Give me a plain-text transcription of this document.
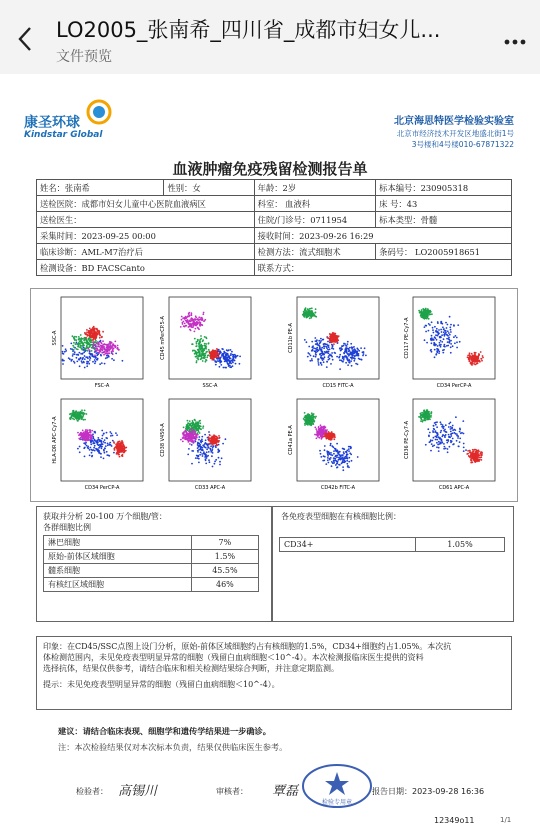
LO2005_张南希_四川省_成都市妇女儿...
文件预览
康圣环球
Kindstar Global
北京海思特医学检验实验室
北京市经济技术开发区地盛北街1号
3号楼和4号楼010-67871322
血液肿瘤免疫残留检测报告单
姓名：张南希	性别：女	年龄：2岁	标本编号：230905318
送检医院：成都市妇女儿童中心医院血液病区		科室： 血液科	床 号：43
送检医生：		住院/门诊号：0711954	标本类型：骨髓
采集时间：2023-09-25 00:00		接收时间：2023-09-26 16:29	
临床诊断：AML-M7治疗后		检测方法：流式细胞术	条码号： LO2005918651
检测设备：BD FACSCanto		联系方式：	
FSC-A
SSC-A
SSC-A
CD45 mPerCP.5-A
CD15 FITC-A
CD11b PE-A
CD34 PerCP-A
CD117 PE-Cy7-A
CD34 PerCP-A
HLA-DR APC-Cy7-A
CD33 APC-A
CD38 V450-A
CD42b FITC-A
CD41a PE-A
CD61 APC-A
CD36 PE-Cy7-A
获取并分析 20-100 万个细胞/管：
各群细胞比例
淋巴细胞	7%
原始-前体区域细胞	1.5%
髓系细胞	45.5%
有核红区域细胞	46%
各免疫表型细胞在有核细胞比例：
CD34+	1.05%
印象：在CD45/SSC点图上设门分析，原始-前体区域细胞约占有核细胞的1.5%，CD34+细胞约占1.05%。本次抗
体检测范围内，未见免疫表型明显异常的细胞（残留白血病细胞＜10^-4）。本次检测报临床医生提供的资料
选择抗体，结果仅供参考，请结合临床和相关检测结果综合判断，并注意定期监测。
提示：未见免疫表型明显异常的细胞（残留白血病细胞＜10^-4）。
建议：请结合临床表现、细胞学和遗传学结果进一步确诊。
注：本次检验结果仅对本次标本负责，结果仅供临床医生参考。
检验者： 高锡川	审核者： 覃磊
检验专用章
报告日期：2023-09-28 16:36
12349o11	1/1
